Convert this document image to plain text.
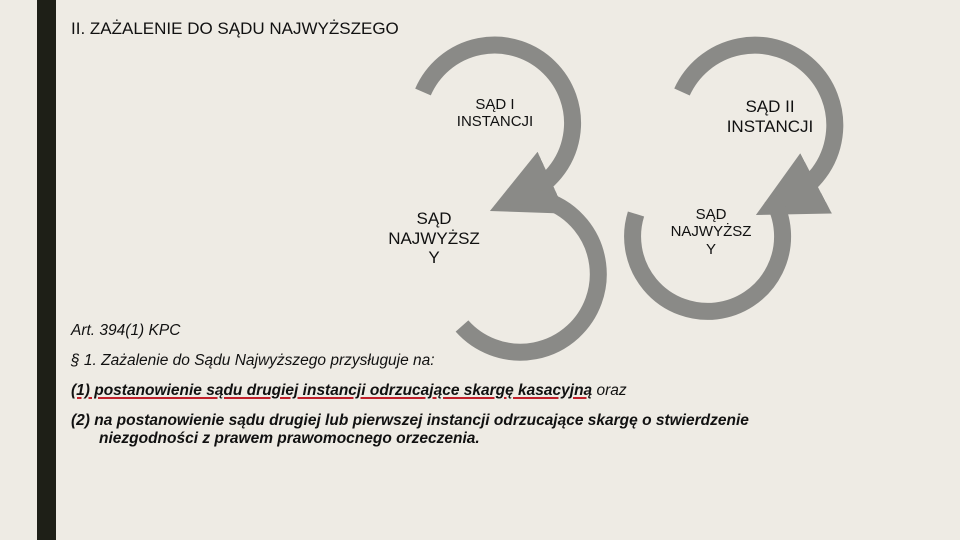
II. ZAŻALENIE DO SĄDU NAJWYŻSZEGO
SĄD I
INSTANCJI
SĄD II
INSTANCJI
SĄD
NAJWYŻSZ
Y
SĄD
NAJWYŻSZ
Y
Art. 394(1) KPC
§ 1. Zażalenie do Sądu Najwyższego przysługuje na:
(1) postanowienie sądu drugiej instancji odrzucające skargę kasacyjną oraz
(2) na postanowienie sądu drugiej lub pierwszej instancji odrzucające skargę o stwierdzenie
niezgodności z prawem prawomocnego orzeczenia.
